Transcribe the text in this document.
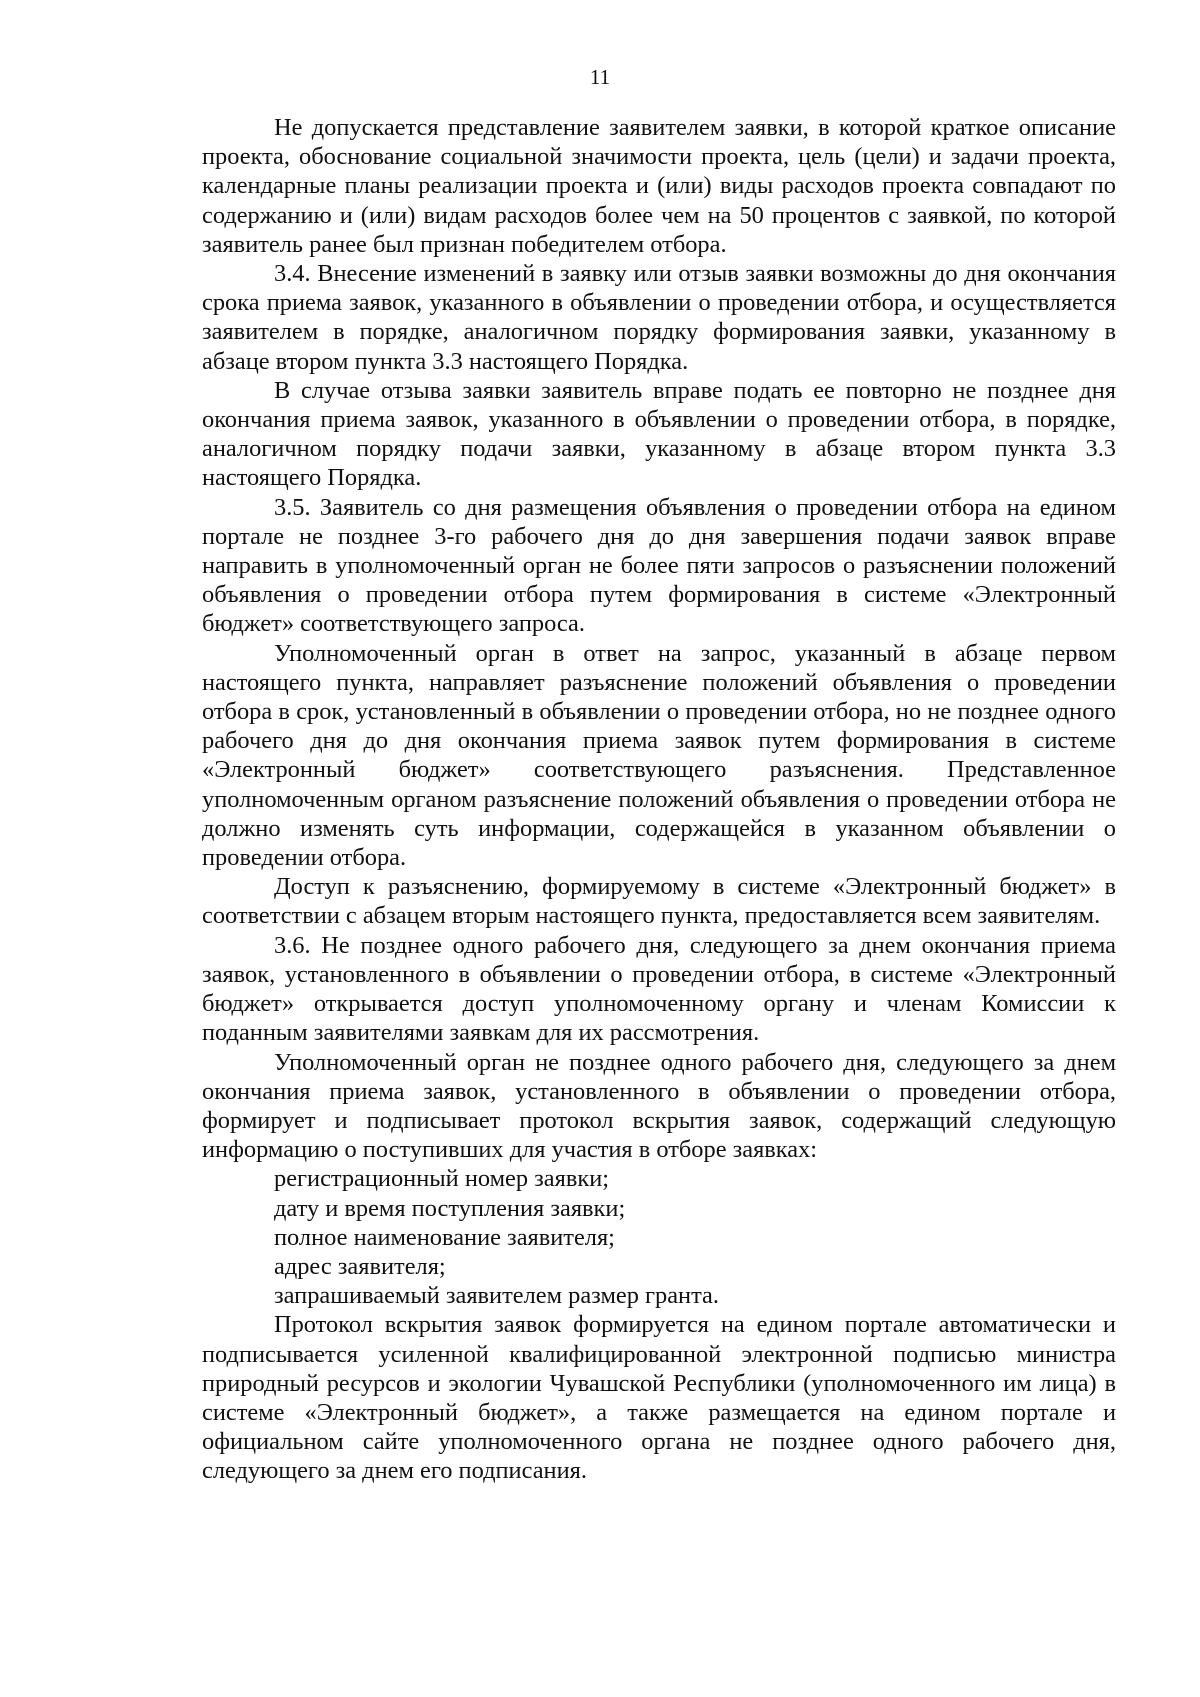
11

Не допускается представление заявителем заявки, в которой краткое описание проекта, обоснование социальной значимости проекта, цель (цели) и задачи проекта, календарные планы реализации проекта и (или) виды расходов проекта совпадают по содержанию и (или) видам расходов более чем на 50 процентов с заявкой, по которой заявитель ранее был признан победителем отбора.

3.4. Внесение изменений в заявку или отзыв заявки возможны до дня окончания срока приема заявок, указанного в объявлении о проведении отбора, и осуществляется заявителем в порядке, аналогичном порядку формирования заявки, указанному в абзаце втором пункта 3.3 настоящего Порядка.

В случае отзыва заявки заявитель вправе подать ее повторно не позднее дня окончания приема заявок, указанного в объявлении о проведении отбора, в порядке, аналогичном порядку подачи заявки, указанному в абзаце втором пункта 3.3 настоящего Порядка.

3.5. Заявитель со дня размещения объявления о проведении отбора на едином портале не позднее 3-го рабочего дня до дня завершения подачи заявок вправе направить в уполномоченный орган не более пяти запросов о разъяснении положений объявления о проведении отбора путем формирования в системе «Электронный бюджет» соответствующего запроса.

Уполномоченный орган в ответ на запрос, указанный в абзаце первом настоящего пункта, направляет разъяснение положений объявления о проведении отбора в срок, установленный в объявлении о проведении отбора, но не позднее одного рабочего дня до дня окончания приема заявок путем формирования в системе «Электронный бюджет» соответствующего разъяснения. Представленное уполномоченным органом разъяснение положений объявления о проведении отбора не должно изменять суть информации, содержащейся в указанном объявлении о проведении отбора.

Доступ к разъяснению, формируемому в системе «Электронный бюджет» в соответствии с абзацем вторым настоящего пункта, предоставляется всем заявителям.

3.6. Не позднее одного рабочего дня, следующего за днем окончания приема заявок, установленного в объявлении о проведении отбора, в системе «Электронный бюджет» открывается доступ уполномоченному органу и членам Комиссии к поданным заявителями заявкам для их рассмотрения.

Уполномоченный орган не позднее одного рабочего дня, следующего за днем окончания приема заявок, установленного в объявлении о проведении отбора, формирует и подписывает протокол вскрытия заявок, содержащий следующую информацию о поступивших для участия в отборе заявках:

регистрационный номер заявки;

дату и время поступления заявки;

полное наименование заявителя;

адрес заявителя;

запрашиваемый заявителем размер гранта.

Протокол вскрытия заявок формируется на едином портале автоматически и подписывается усиленной квалифицированной электронной подписью министра природный ресурсов и экологии Чувашской Республики (уполномоченного им лица) в системе «Электронный бюджет», а также размещается на едином портале и официальном сайте уполномоченного органа не позднее одного рабочего дня, следующего за днем его подписания.
